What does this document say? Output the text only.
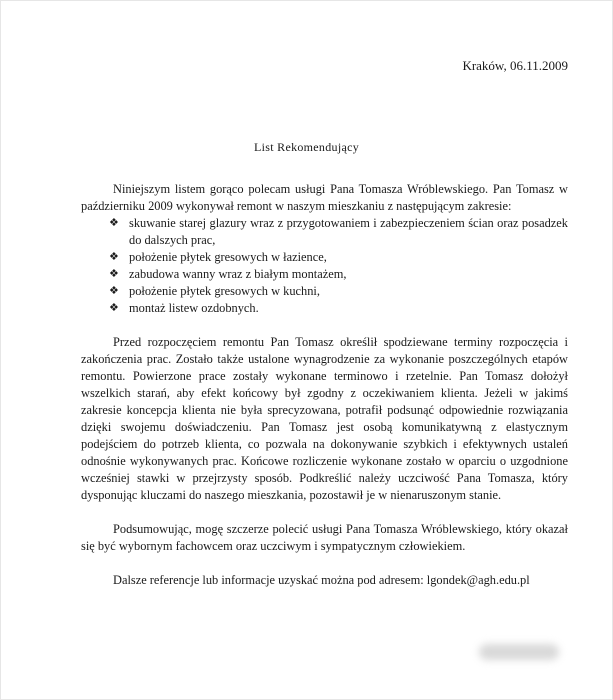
Kraków, 06.11.2009
List Rekomendujący

Niniejszym listem gorąco polecam usługi Pana Tomasza Wróblewskiego. Pan Tomasz w październiku 2009 wykonywał remont w naszym mieszkaniu z następującym zakresie:

❖ skuwanie starej glazury wraz z przygotowaniem i zabezpieczeniem ścian oraz posadzek do dalszych prac,
❖ położenie płytek gresowych w łazience,
❖ zabudowa wanny wraz z białym montażem,
❖ położenie płytek gresowych w kuchni,
❖ montaż listew ozdobnych.

Przed rozpoczęciem remontu Pan Tomasz określił spodziewane terminy rozpoczęcia i zakończenia prac. Zostało także ustalone wynagrodzenie za wykonanie poszczególnych etapów remontu. Powierzone prace zostały wykonane terminowo i rzetelnie. Pan Tomasz dołożył wszelkich starań, aby efekt końcowy był zgodny z oczekiwaniem klienta. Jeżeli w jakimś zakresie koncepcja klienta nie była sprecyzowana, potrafił podsunąć odpowiednie rozwiązania dzięki swojemu doświadczeniu. Pan Tomasz jest osobą komunikatywną z elastycznym podejściem do potrzeb klienta, co pozwala na dokonywanie szybkich i efektywnych ustaleń odnośnie wykonywanych prac. Końcowe rozliczenie wykonane zostało w oparciu o uzgodnione wcześniej stawki w przejrzysty sposób. Podkreślić należy uczciwość Pana Tomasza, który dysponując kluczami do naszego mieszkania, pozostawił je w nienaruszonym stanie.

Podsumowując, mogę szczerze polecić usługi Pana Tomasza Wróblewskiego, który okazał się być wybornym fachowcem oraz uczciwym i sympatycznym człowiekiem.

Dalsze referencje lub informacje uzyskać można pod adresem: lgondek@agh.edu.pl
